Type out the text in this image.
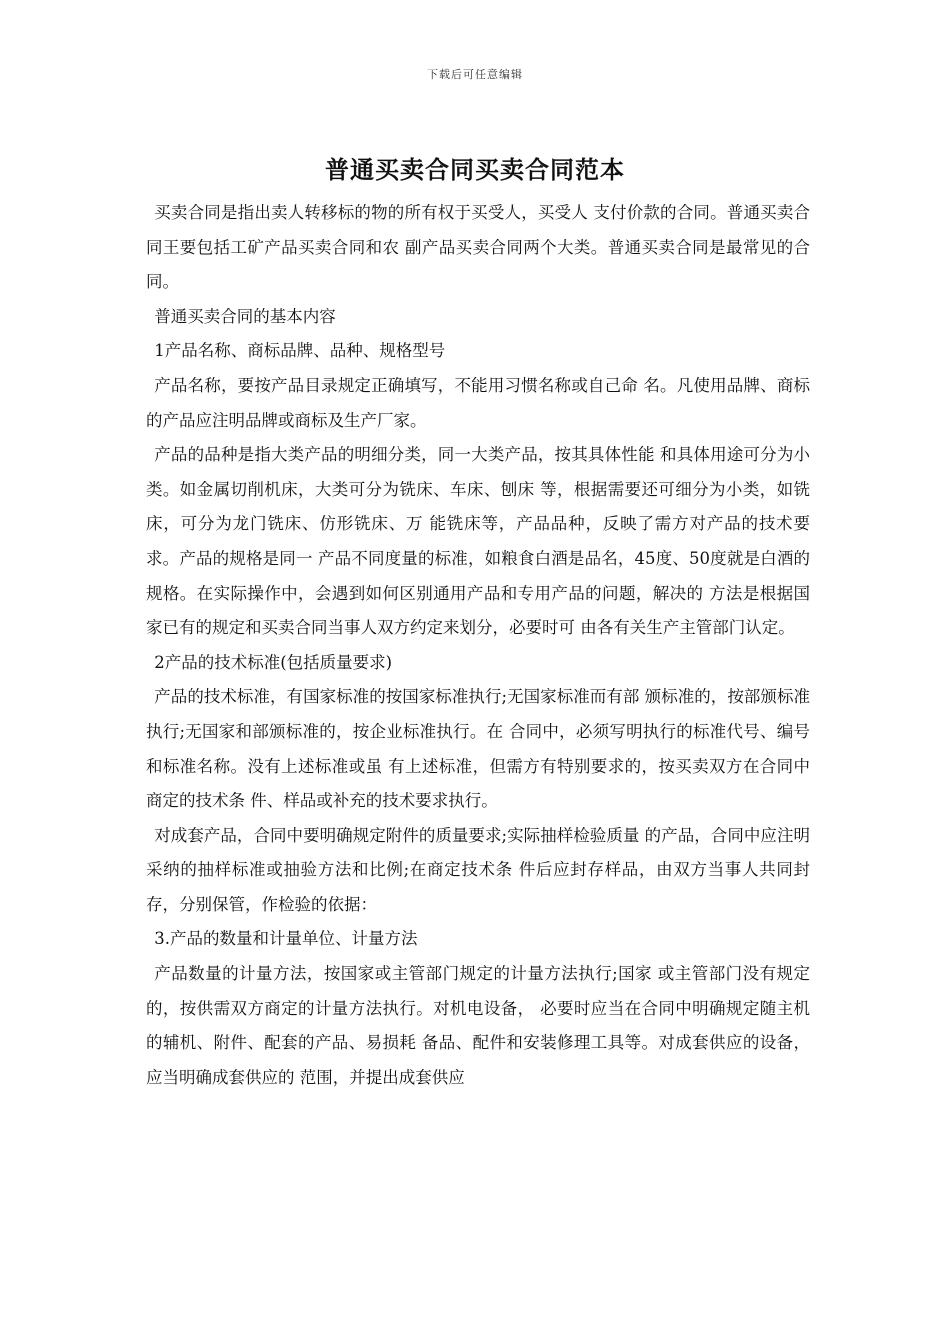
下载后可任意编辑
普通买卖合同买卖合同范本

买卖合同是指出卖人转移标的物的所有权于买受人，买受人 支付价款的合同。普通买卖合同王要包括工矿产品买卖合同和农 副产品买卖合同两个大类。普通买卖合同是最常见的合同。

普通买卖合同的基本内容

1产品名称、商标品牌、品种、规格型号

产品名称，要按产品目录规定正确填写，不能用习惯名称或自己命 名。凡使用品牌、商标的产品应注明品牌或商标及生产厂家。

产品的品种是指大类产品的明细分类，同一大类产品，按其具体性能 和具体用途可分为小类。如金属切削机床，大类可分为铣床、车床、刨床 等，根据需要还可细分为小类，如铣床，可分为龙门铣床、仿形铣床、万 能铣床等，产品品种，反映了需方对产品的技术要求。产品的规格是同一 产品不同度量的标准，如粮食白酒是品名，45度、50度就是白酒的规格。在实际操作中，会遇到如何区别通用产品和专用产品的问题，解决的 方法是根据国家已有的规定和买卖合同当事人双方约定来划分，必要时可 由各有关生产主管部门认定。

2产品的技术标准(包括质量要求)

产品的技术标准，有国家标准的按国家标准执行;无国家标准而有部 颁标准的，按部颁标准执行;无国家和部颁标准的，按企业标准执行。在 合同中，必须写明执行的标准代号、编号和标准名称。没有上述标准或虽 有上述标准，但需方有特别要求的，按买卖双方在合同中商定的技术条 件、样品或补充的技术要求执行。

对成套产品，合同中要明确规定附件的质量要求;实际抽样检验质量 的产品，合同中应注明采纳的抽样标准或抽验方法和比例;在商定技术条 件后应封存样品，由双方当事人共同封存，分别保管，作检验的依据：

3.产品的数量和计量单位、计量方法

产品数量的计量方法，按国家或主管部门规定的计量方法执行;国家 或主管部门没有规定的，按供需双方商定的计量方法执行。对机电设备， 必要时应当在合同中明确规定随主机的辅机、附件、配套的产品、易损耗 备品、配件和安装修理工具等。对成套供应的设备，应当明确成套供应的 范围，并提出成套供应
